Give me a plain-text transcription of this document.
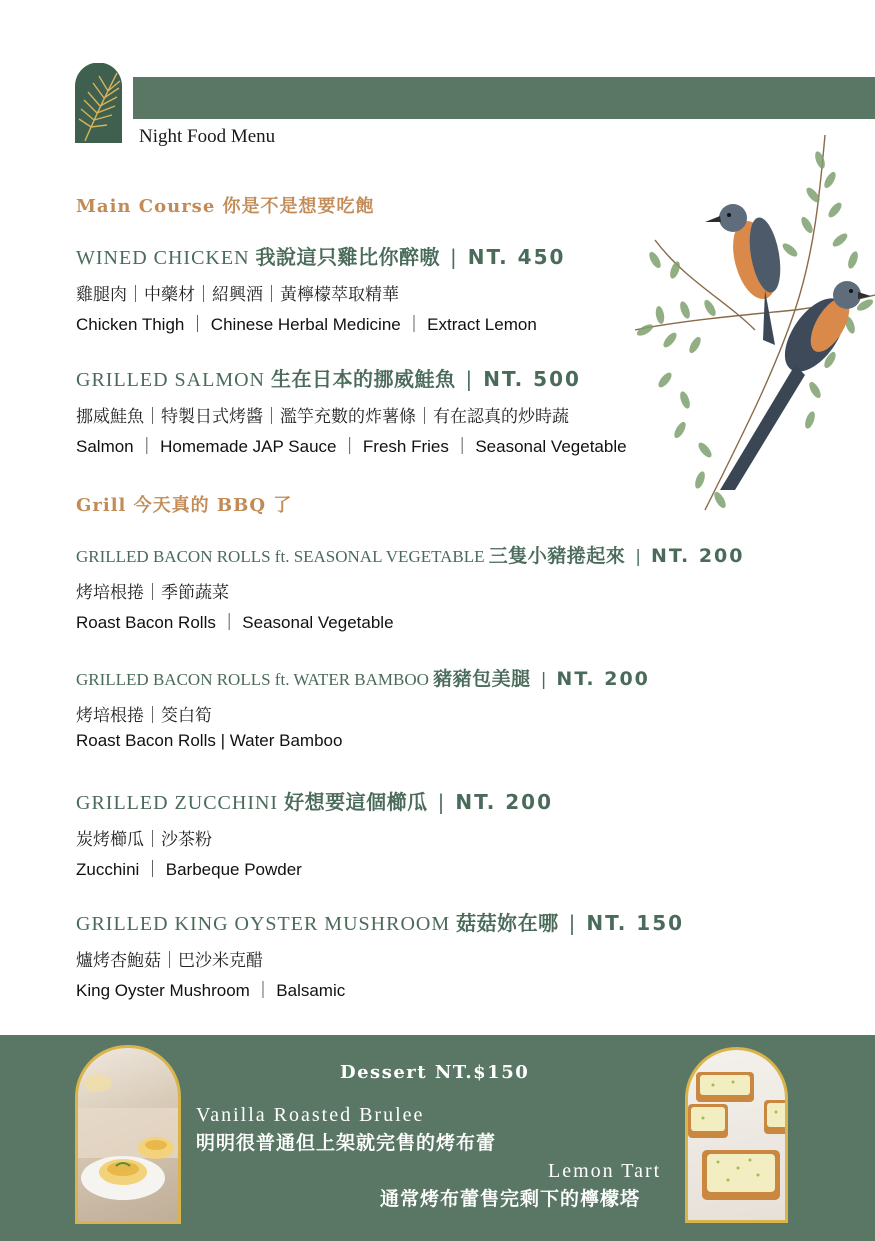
Night Food Menu
Main Course 你是不是想要吃飽
Grill 今天真的 BBQ 了
WINED CHICKEN 我說這只雞比你醉嗷 | NT. 450
雞腿肉｜中藥材｜紹興酒｜黃檸檬萃取精華
Chicken Thigh ｜ Chinese Herbal Medicine ｜ Extract Lemon
GRILLED SALMON 生在日本的挪威鮭魚 | NT. 500
挪威鮭魚｜特製日式烤醬｜濫竽充數的炸薯條｜有在認真的炒時蔬
Salmon ｜ Homemade JAP Sauce ｜ Fresh Fries ｜ Seasonal Vegetable
GRILLED BACON ROLLS ft. SEASONAL VEGETABLE 三隻小豬捲起來 | NT. 200
烤培根捲｜季節蔬菜
Roast Bacon Rolls ｜ Seasonal Vegetable
GRILLED BACON ROLLS ft. WATER BAMBOO 豬豬包美腿 | NT. 200
烤培根捲｜筊白筍
Roast Bacon Rolls | Water Bamboo
GRILLED ZUCCHINI 好想要這個櫛瓜 | NT. 200
炭烤櫛瓜｜沙茶粉
Zucchini ｜ Barbeque Powder
GRILLED KING OYSTER MUSHROOM 菇菇妳在哪 | NT. 150
爐烤杏鮑菇｜巴沙米克醋
King Oyster Mushroom ｜ Balsamic
Dessert NT.$150
Vanilla Roasted Brulee
明明很普通但上架就完售的烤布蕾
Lemon Tart
通常烤布蕾售完剩下的檸檬塔
